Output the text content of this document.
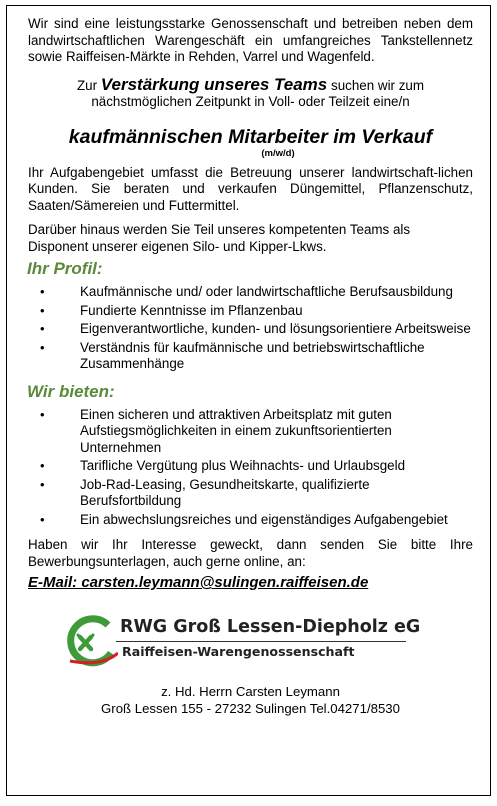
Wir sind eine leistungsstarke Genossenschaft und betreiben neben dem landwirtschaftlichen Warengeschäft ein umfangreiches Tankstellennetz sowie Raiffeisen-Märkte in Rehden, Varrel und Wagenfeld.

Zur Verstärkung unseres Teams suchen wir zum
nächstmöglichen Zeitpunkt in Voll- oder Teilzeit eine/n

kaufmännischen Mitarbeiter im Verkauf

(m/w/d)

Ihr Aufgabengebiet umfasst die Betreuung unserer landwirtschaft-lichen Kunden. Sie beraten und verkaufen Düngemittel, Pflanzenschutz, Saaten/Sämereien und Futtermittel.

Darüber hinaus werden Sie Teil unseres kompetenten Teams als Disponent unserer eigenen Silo- und Kipper-Lkws.

Ihr Profil:

•	Kaufmännische und/ oder landwirtschaftliche Berufsausbildung
•	Fundierte Kenntnisse im Pflanzenbau
•	Eigenverantwortliche, kunden- und lösungsorientiere Arbeitsweise
•	Verständnis für kaufmännische und betriebswirtschaftliche Zusammenhänge

Wir bieten:

•	Einen sicheren und attraktiven Arbeitsplatz mit guten Aufstiegsmöglichkeiten in einem zukunftsorientierten Unternehmen
•	Tarifliche Vergütung plus Weihnachts- und Urlaubsgeld
•	Job-Rad-Leasing, Gesundheitskarte, qualifizierte Berufsfortbildung
•	Ein abwechslungsreiches und eigenständiges Aufgabengebiet

Haben wir Ihr Interesse geweckt, dann senden Sie bitte Ihre Bewerbungsunterlagen, auch gerne online, an:

E-Mail: carsten.leymann@sulingen.raiffeisen.de

RWG Groß Lessen-Diepholz eG
Raiffeisen-Warengenossenschaft
z. Hd. Herrn Carsten Leymann
Groß Lessen 155 - 27232 Sulingen Tel.04271/8530
